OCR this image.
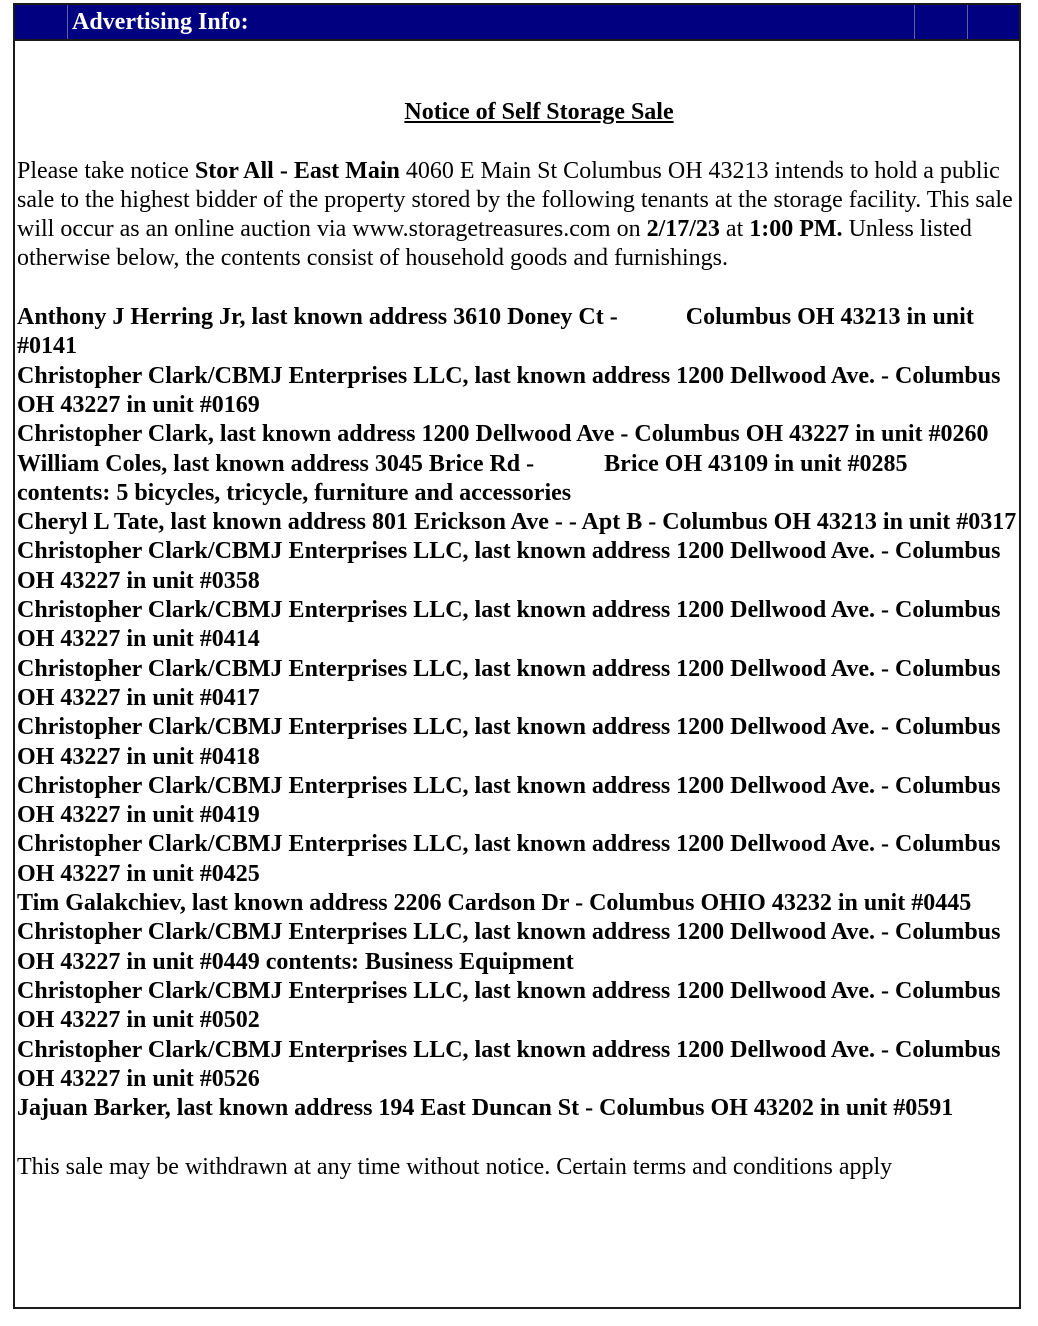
Advertising Info:

Notice of Self Storage Sale

Please take notice Stor All - East Main 4060 E Main St Columbus OH 43213 intends to hold a public sale to the highest bidder of the property stored by the following tenants at the storage facility. This sale will occur as an online auction via www.storagetreasures.com on 2/17/23 at 1:00 PM. Unless listed otherwise below, the contents consist of household goods and furnishings.

Anthony J Herring Jr, last known address 3610 Doney Ct -	Columbus OH 43213 in unit #0141

Christopher Clark/CBMJ Enterprises LLC, last known address 1200 Dellwood Ave. - Columbus OH 43227 in unit #0169

Christopher Clark, last known address 1200 Dellwood Ave - Columbus OH 43227 in unit #0260

William Coles, last known address 3045 Brice Rd -	Brice OH 43109 in unit #0285
contents: 5 bicycles, tricycle, furniture and accessories

Cheryl L Tate, last known address 801 Erickson Ave - - Apt B - Columbus OH 43213 in unit #0317

Christopher Clark/CBMJ Enterprises LLC, last known address 1200 Dellwood Ave. - Columbus OH 43227 in unit #0358

Christopher Clark/CBMJ Enterprises LLC, last known address 1200 Dellwood Ave. - Columbus OH 43227 in unit #0414

Christopher Clark/CBMJ Enterprises LLC, last known address 1200 Dellwood Ave. - Columbus OH 43227 in unit #0417

Christopher Clark/CBMJ Enterprises LLC, last known address 1200 Dellwood Ave. - Columbus OH 43227 in unit #0418

Christopher Clark/CBMJ Enterprises LLC, last known address 1200 Dellwood Ave. - Columbus OH 43227 in unit #0419

Christopher Clark/CBMJ Enterprises LLC, last known address 1200 Dellwood Ave. - Columbus OH 43227 in unit #0425

Tim Galakchiev, last known address 2206 Cardson Dr - Columbus OHIO 43232 in unit #0445

Christopher Clark/CBMJ Enterprises LLC, last known address 1200 Dellwood Ave. - Columbus OH 43227 in unit #0449 contents: Business Equipment

Christopher Clark/CBMJ Enterprises LLC, last known address 1200 Dellwood Ave. - Columbus OH 43227 in unit #0502

Christopher Clark/CBMJ Enterprises LLC, last known address 1200 Dellwood Ave. - Columbus OH 43227 in unit #0526

Jajuan Barker, last known address 194 East Duncan St - Columbus OH 43202 in unit #0591

This sale may be withdrawn at any time without notice. Certain terms and conditions apply
